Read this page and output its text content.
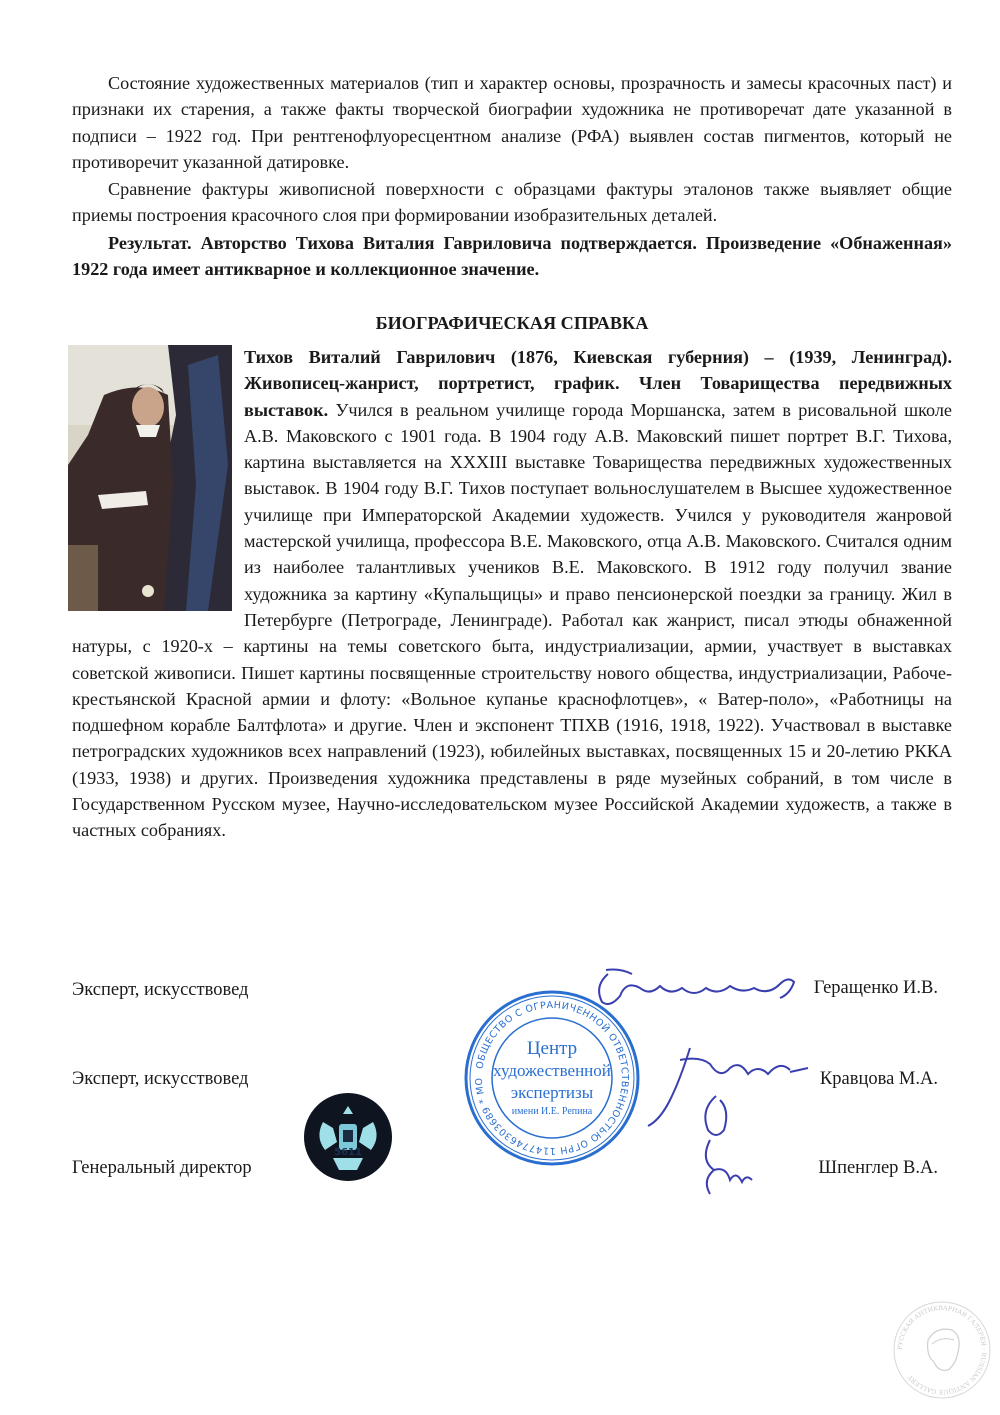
Состояние художественных материалов (тип и характер основы, прозрачность и замесы красочных паст) и признаки их старения, а также факты творческой биографии художника не противоречат дате указанной в подписи – 1922 год. При рентгенофлуоресцентном анализе (РФА) выявлен состав пигментов, который не противоречит указанной датировке.

Сравнение фактуры живописной поверхности с образцами фактуры эталонов также выявляет общие приемы построения красочного слоя при формировании изобразительных деталей.

Результат. Авторство Тихова Виталия Гавриловича подтверждается. Произведение «Обнаженная» 1922 года имеет антикварное и коллекционное значение.

БИОГРАФИЧЕСКАЯ СПРАВКА

Тихов Виталий Гаврилович (1876, Киевская губерния) – (1939, Ленинград). Живописец-жанрист, портретист, график. Член Товарищества передвижных выставок. Учился в реальном училище города Моршанска, затем в рисовальной школе А.В. Маковского с 1901 года. В 1904 году А.В. Маковский пишет портрет В.Г. Тихова, картина выставляется на XXXIII выставке Товарищества передвижных художественных выставок. В 1904 году В.Г. Тихов поступает вольнослушателем в Высшее художественное училище при Императорской Академии художеств. Учился у руководителя жанровой мастерской училища, профессора В.Е. Маковского, отца А.В. Маковского. Считался одним из наиболее талантливых учеников В.Е. Маковского. В 1912 году получил звание художника за картину «Купальщицы» и право пенсионерской поездки за границу. Жил в Петербурге (Петрограде, Ленинграде). Работал как жанрист, писал этюды обнаженной натуры, с 1920-х – картины на темы советского быта, индустриализации, армии, участвует в выставках советской живописи. Пишет картины посвященные строительству нового общества, индустриализации, Рабоче-крестьянской Красной армии и флоту: «Вольное купанье краснофлотцев», « Ватер-поло», «Работницы на подшефном корабле Балтфлота» и другие. Член и экспонент ТПХВ (1916, 1918, 1922). Участвовал в выставке петроградских художников всех направлений (1923), юбилейных выставках, посвященных 15 и 20-летию РККА (1933, 1938) и других. Произведения художника представлены в ряде музейных собраний, в том числе в Государственном Русском музее, Научно-исследовательском музее Российской Академии художеств, а также в частных собраниях.

Эксперт, искусствовед	Геращенко И.В.
Эксперт, искусствовед	Кравцова М.А.
Генеральный директор	Шпенглер В.А.
ОБЩЕСТВО С ОГРАНИЧЕННОЙ ОТВЕТСТВЕННОСТЬЮ ОГРН 1147746303689 * МО
Центр
художественной
экспертизы
имени И.Е. Репина
5611
РУССКАЯ АНТИКВАРНАЯ ГАЛЕРЕЯ · RUSSIAN ANTIQUE GALLERY
